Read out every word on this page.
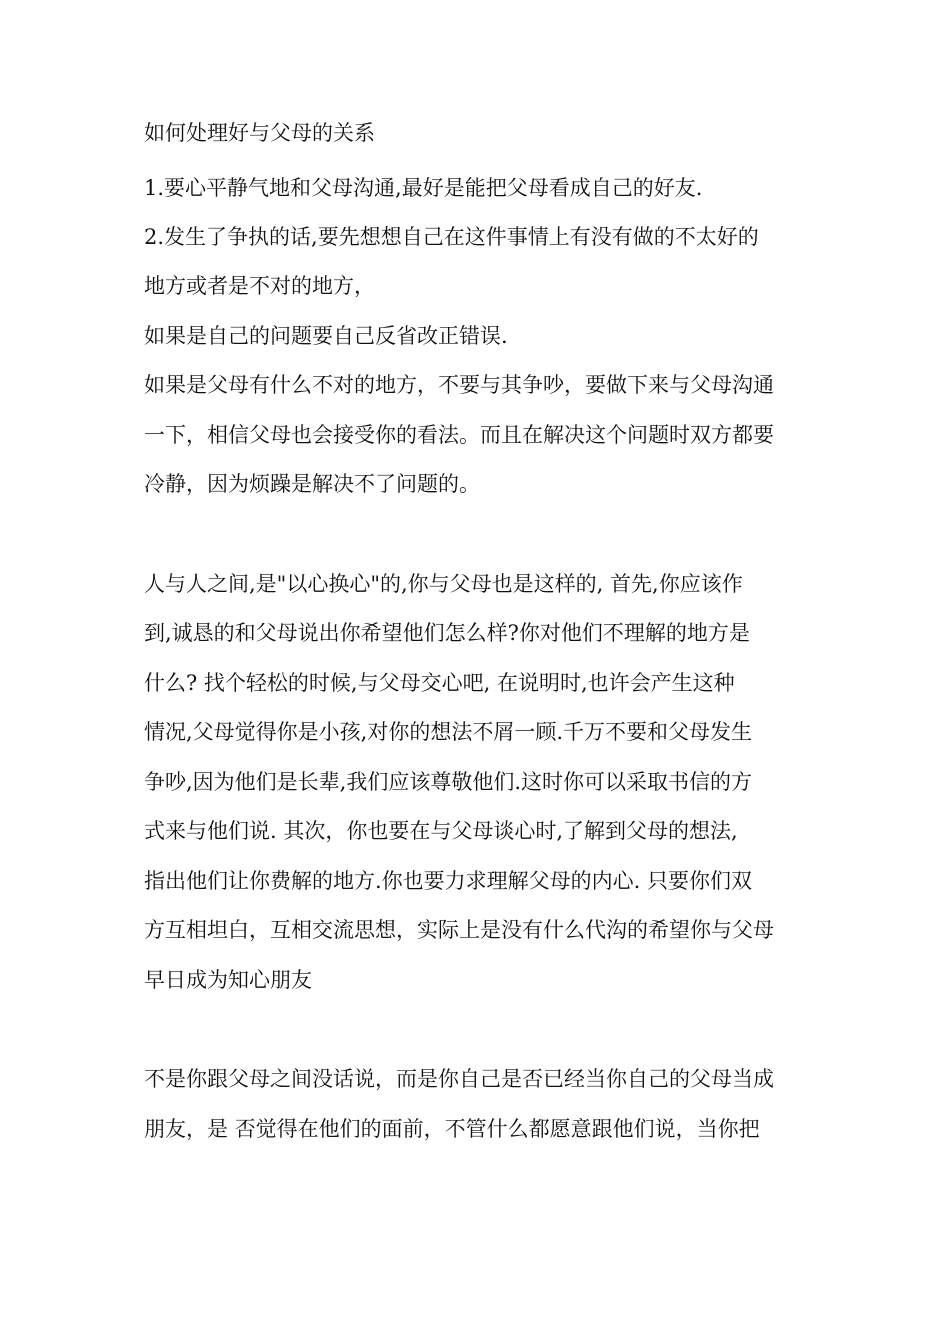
如何处理好与父母的关系
1.要心平静气地和父母沟通,最好是能把父母看成自己的好友.
2.发生了争执的话,要先想想自己在这件事情上有没有做的不太好的
地方或者是不对的地方，
如果是自己的问题要自己反省改正错误.
如果是父母有什么不对的地方，不要与其争吵，要做下来与父母沟通
一下，相信父母也会接受你的看法。而且在解决这个问题时双方都要
冷静，因为烦躁是解决不了问题的。
人与人之间,是"以心换心"的,你与父母也是这样的, 首先,你应该作
到,诚恳的和父母说出你希望他们怎么样?你对他们不理解的地方是
什么? 找个轻松的时候,与父母交心吧, 在说明时,也许会产生这种
情况,父母觉得你是小孩,对你的想法不屑一顾.千万不要和父母发生
争吵,因为他们是长辈,我们应该尊敬他们.这时你可以采取书信的方
式来与他们说. 其次，你也要在与父母谈心时,了解到父母的想法,
指出他们让你费解的地方.你也要力求理解父母的内心. 只要你们双
方互相坦白，互相交流思想，实际上是没有什么代沟的希望你与父母
早日成为知心朋友
不是你跟父母之间没话说，而是你自己是否已经当你自己的父母当成
朋友，是 否觉得在他们的面前，不管什么都愿意跟他们说，当你把
